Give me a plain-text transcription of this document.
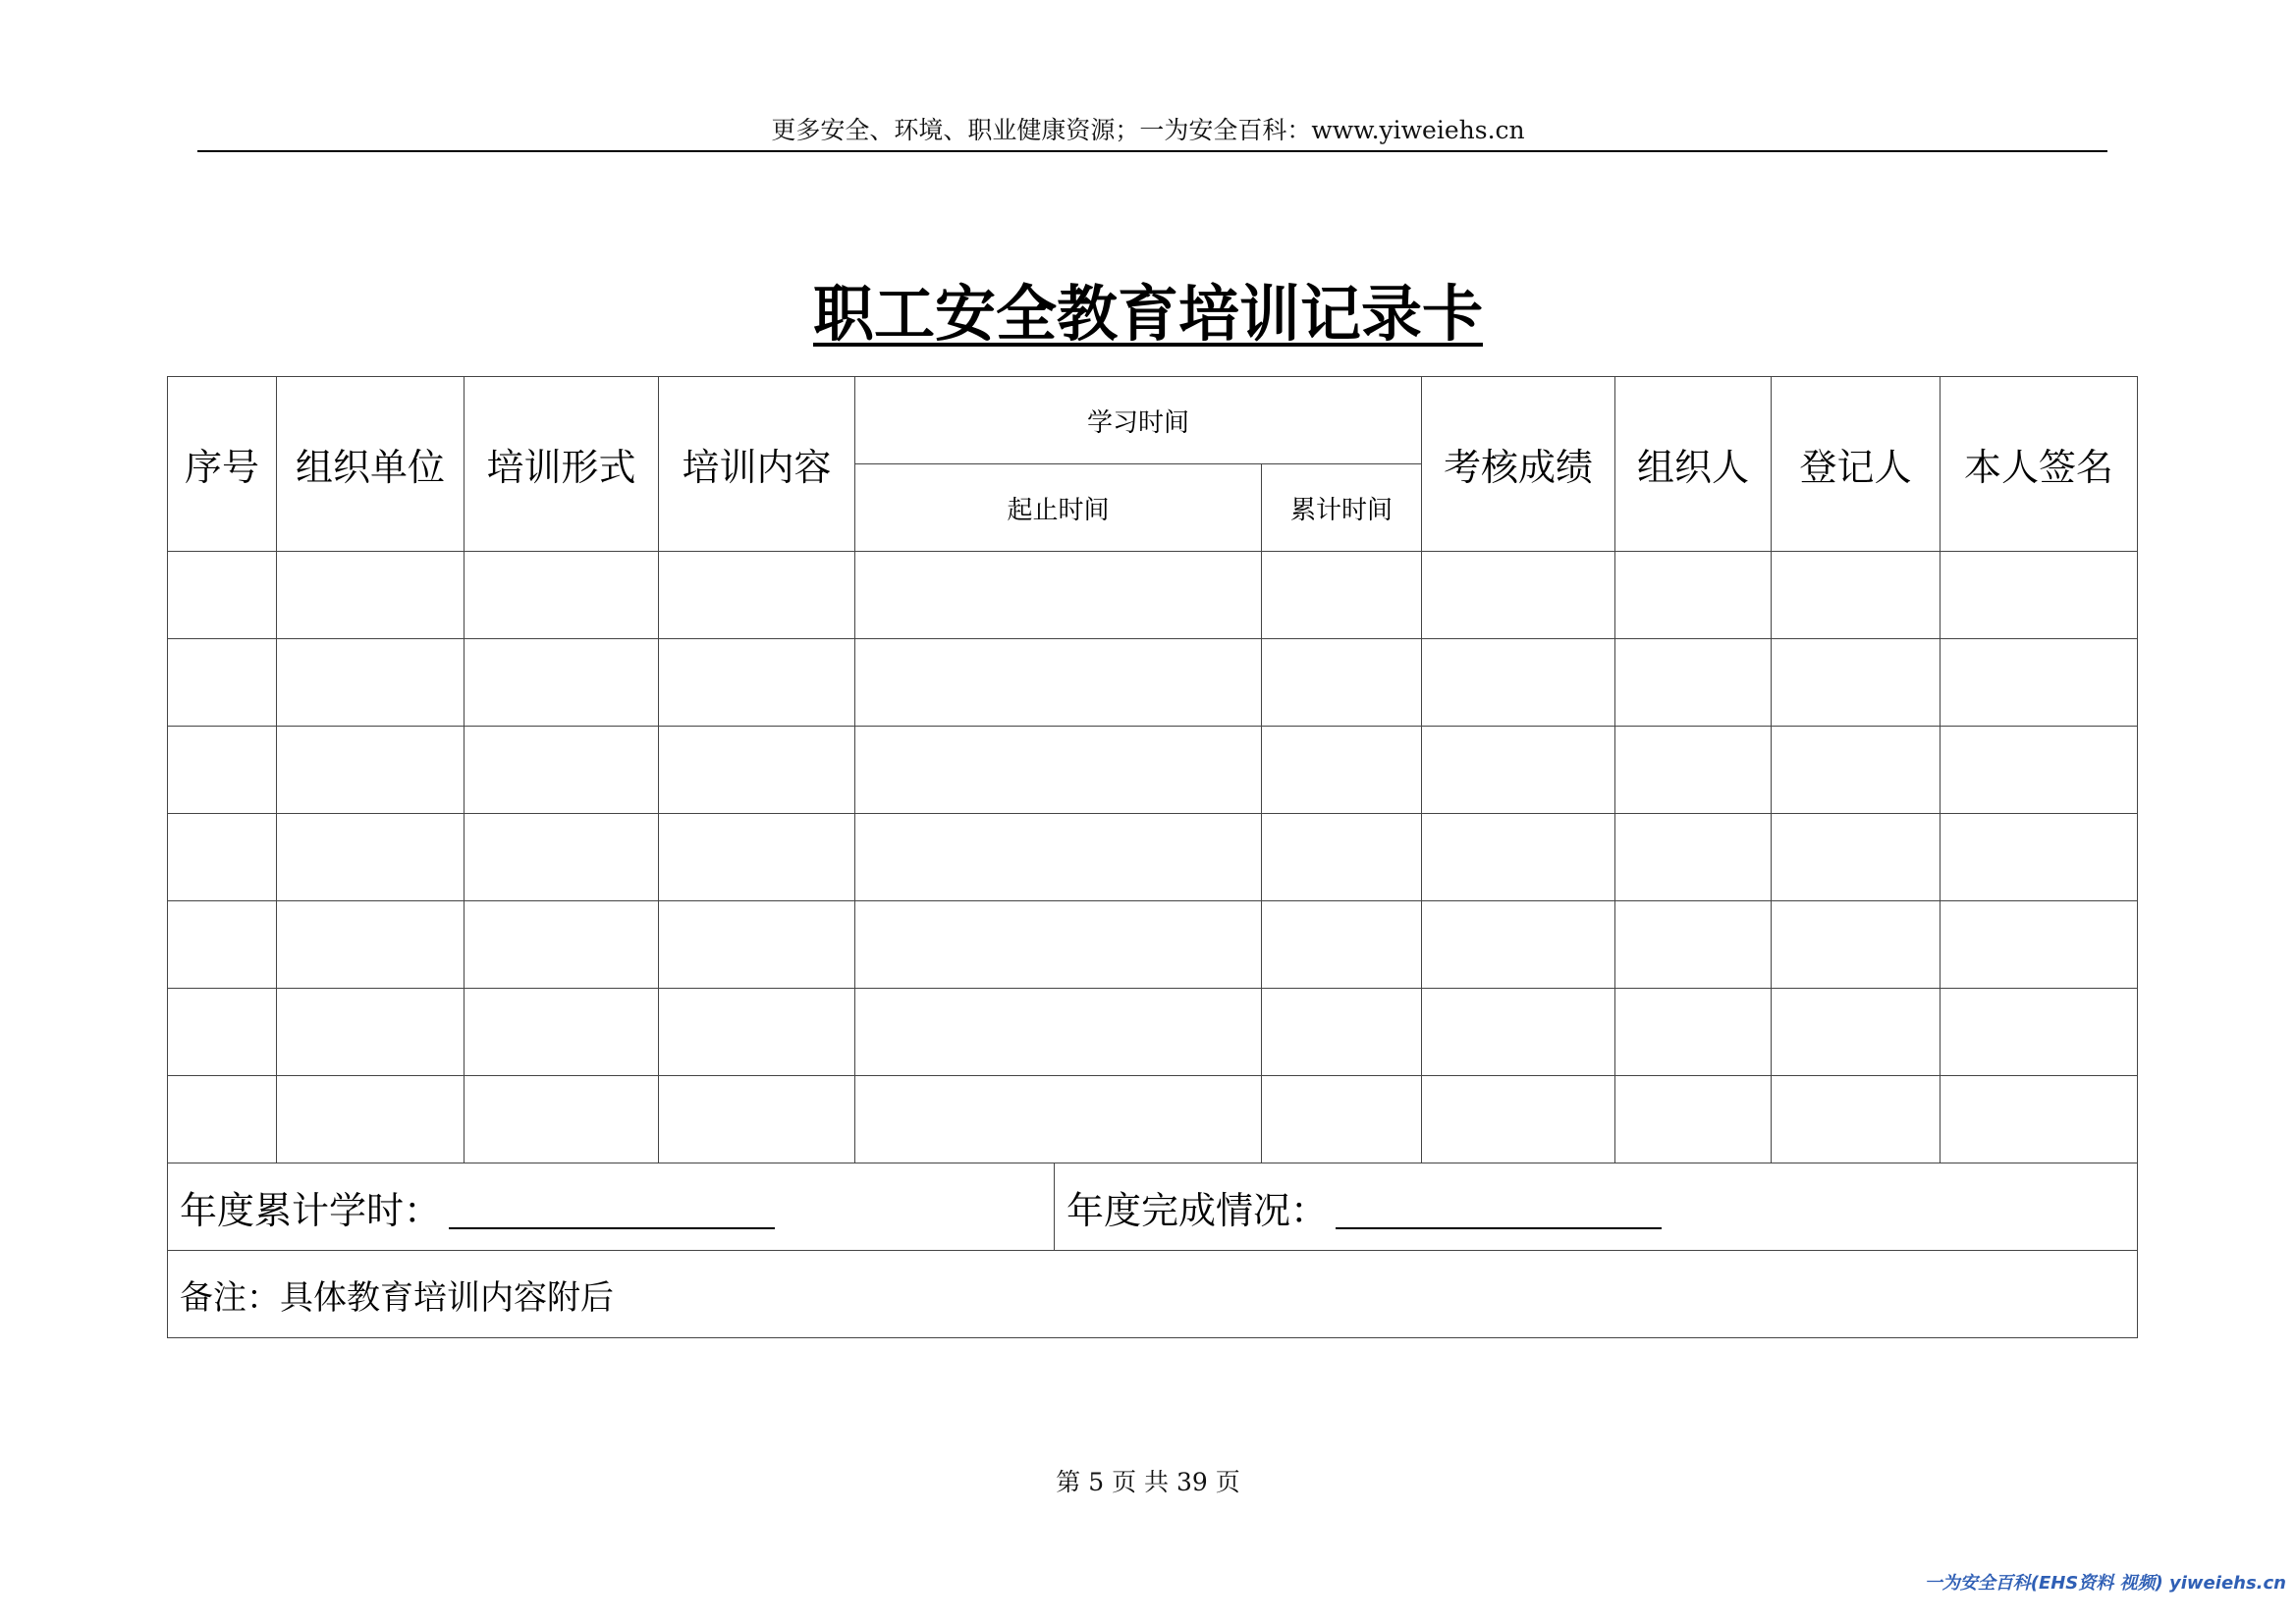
更多安全、环境、职业健康资源；一为安全百科：www.yiweiehs.cn
职工安全教育培训记录卡
序号	组织单位	培训形式	培训内容	学习时间			考核成绩	组织人	登记人	本人签名
				起止时间		累计时间				

年度累计学时：					年度完成情况：					
备注：具体教育培训内容附后										
第 5 页 共 39 页
一为安全百科(EHS资料 视频) yiweiehs.cn
